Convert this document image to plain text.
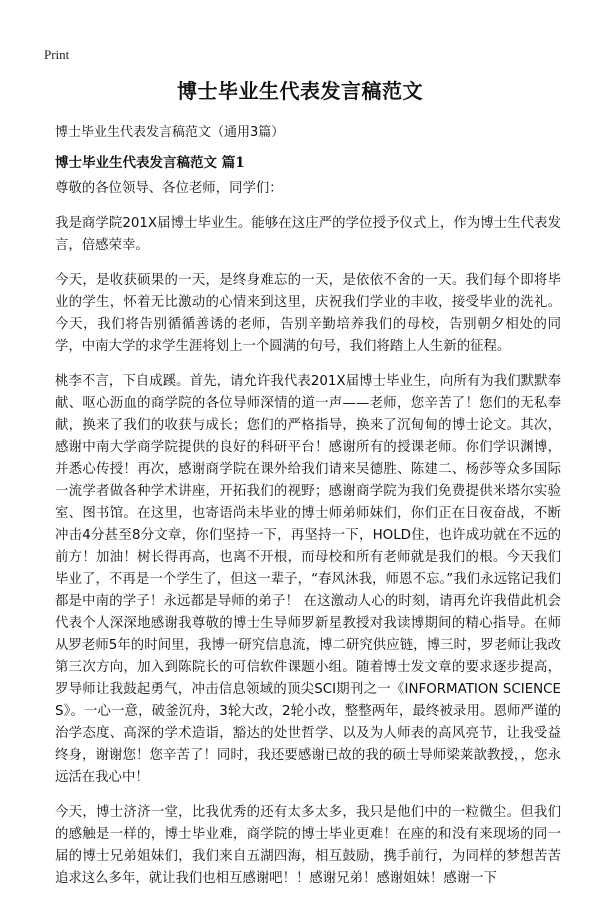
Print
博士毕业生代表发言稿范文
博士毕业生代表发言稿范文（通用3篇）
博士毕业生代表发言稿范文 篇1

尊敬的各位领导、各位老师，同学们：

我是商学院201X届博士毕业生。能够在这庄严的学位授予仪式上，作为博士生代表发言，倍感荣幸。

今天，是收获硕果的一天，是终身难忘的一天，是依依不舍的一天。我们每个即将毕业的学生，怀着无比激动的心情来到这里，庆祝我们学业的丰收，接受毕业的洗礼。今天，我们将告别循循善诱的老师，告别辛勤培养我们的母校，告别朝夕相处的同学，中南大学的求学生涯将划上一个圆满的句号，我们将踏上人生新的征程。

桃李不言，下自成蹊。首先，请允许我代表201X届博士毕业生，向所有为我们默默奉献、呕心沥血的商学院的各位导师深情的道一声——老师，您辛苦了！您们的无私奉献，换来了我们的收获与成长；您们的严格指导，换来了沉甸甸的博士论文。其次，感谢中南大学商学院提供的良好的科研平台！感谢所有的授课老师。你们学识渊博，并悉心传授！再次，感谢商学院在课外给我们请来吴德胜、陈建二、杨莎等众多国际一流学者做各种学术讲座，开拓我们的视野；感谢商学院为我们免费提供米塔尔实验室、图书馆。在这里，也寄语尚未毕业的博士师弟师妹们，你们正在日夜奋战，不断冲击4分甚至8分文章，你们坚持一下，再坚持一下，HOLD住，也许成功就在不远的前方！加油！树长得再高，也离不开根，而母校和所有老师就是我们的根。今天我们毕业了，不再是一个学生了，但这一辈子，“春风沐我，师恩不忘。”我们永远铭记我们都是中南的学子！永远都是导师的弟子！ 在这激动人心的时刻，请再允许我借此机会代表个人深深地感谢我尊敬的博士生导师罗新星教授对我读博期间的精心指导。在师从罗老师5年的时间里，我博一研究信息流，博二研究供应链，博三时，罗老师让我改第三次方向，加入到陈院长的可信软件课题小组。随着博士发文章的要求逐步提高，罗导师让我鼓起勇气，冲击信息领域的顶尖SCI期刊之一《INFORMATION SCIENCES》。一心一意，破釜沉舟，3轮大改，2轮小改，整整两年，最终被录用。恩师严谨的治学态度、高深的学术造诣，豁达的处世哲学、以及为人师表的高风亮节，让我受益终身，谢谢您！您辛苦了！同时，我还要感谢已故的我的硕士导师梁莱歆教授，，您永远活在我心中！

今天，博士济济一堂，比我优秀的还有太多太多，我只是他们中的一粒微尘。但我们的感触是一样的，博士毕业难，商学院的博士毕业更难！在座的和没有来现场的同一届的博士兄弟姐妹们，我们来自五湖四海，相互鼓励，携手前行，为同样的梦想苦苦追求这么多年，就让我们也相互感谢吧！！感谢兄弟！感谢姐妹！感谢一下
